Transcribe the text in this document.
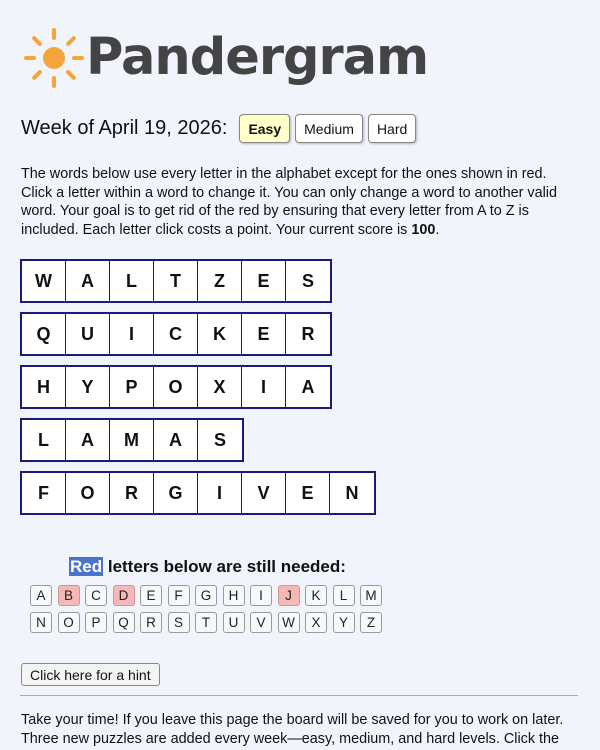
Pandergram
Week of April 19, 2026:	Easy	Medium	Hard

The words below use every letter in the alphabet except for the ones shown in red. Click a letter within a word to change it. You can only change a word to another valid word. Your goal is to get rid of the red by ensuring that every letter from A to Z is included. Each letter click costs a point. Your current score is 100.

W	A	L	T	Z	E	S
Q	U	I	C	K	E	R
H	Y	P	O	X	I	A
L	A	M	A	S
F	O	R	G	I	V	E	N

Red letters below are still needed:

A	B	C	D	E	F	G	H	I	J	K	L	M
N	O	P	Q	R	S	T	U	V	W	X	Y	Z
Click here for a hint

Take your time! If you leave this page the board will be saved for you to work on later. Three new puzzles are added every week—easy, medium, and hard levels. Click the
